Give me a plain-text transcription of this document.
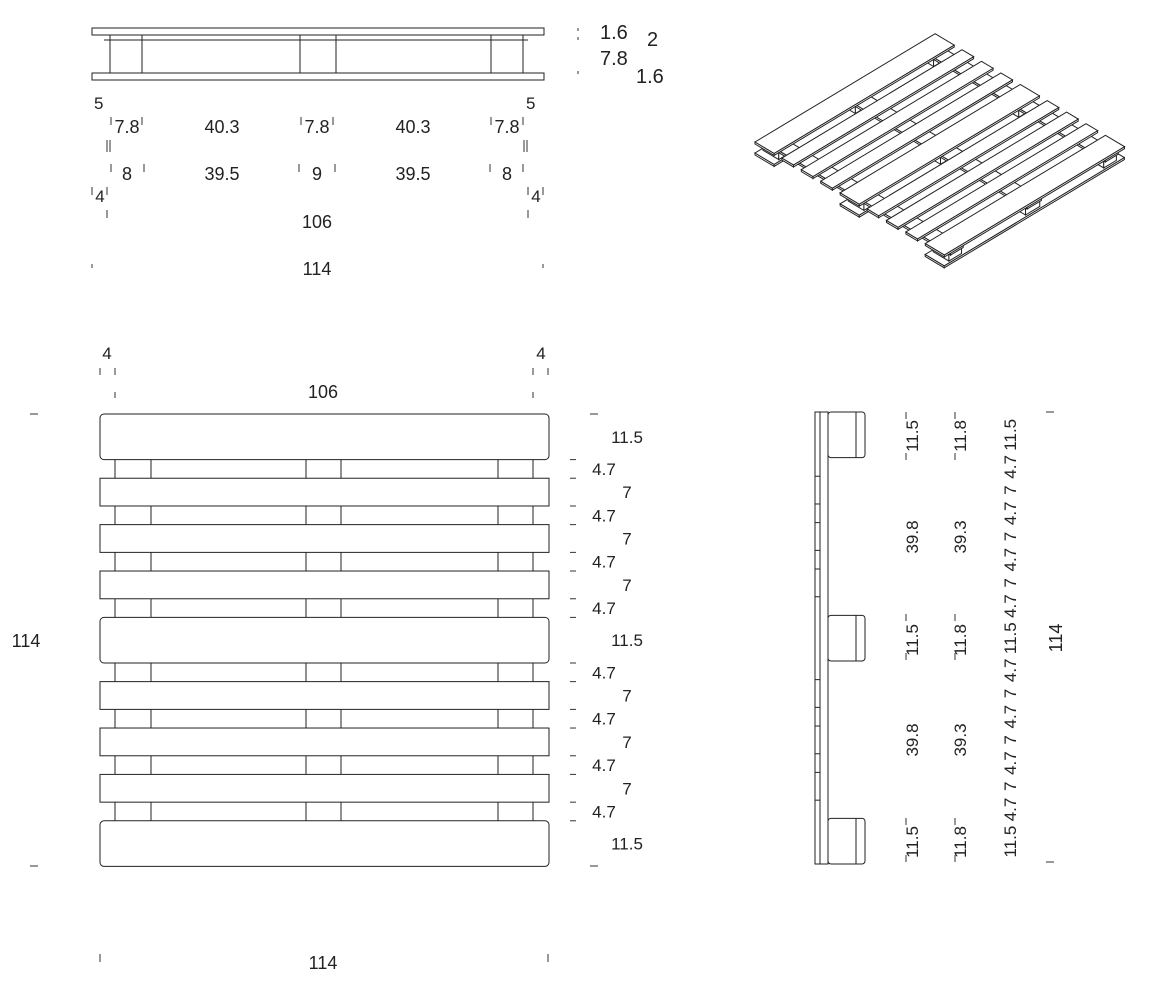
1.6 2
7.8
1.6
5	5
7.8	40.3	7.8	40.3	7.8
8	39.5	9	39.5	8
4	4
106
114
4	4
106
11.5
4.7
7
4.7
7
4.7
7
4.7
11.5
4.7
7
4.7
7
4.7
7
4.7
11.5
114
114
11.5 11.8
11.5 11.8
11.5 11.8
39.8 39.3
39.8 39.3
11.5
4.7
7
4.7
7
4.7
7
4.7
11.5
4.7
7
4.7
7
4.7
7
4.7
11.5
114
